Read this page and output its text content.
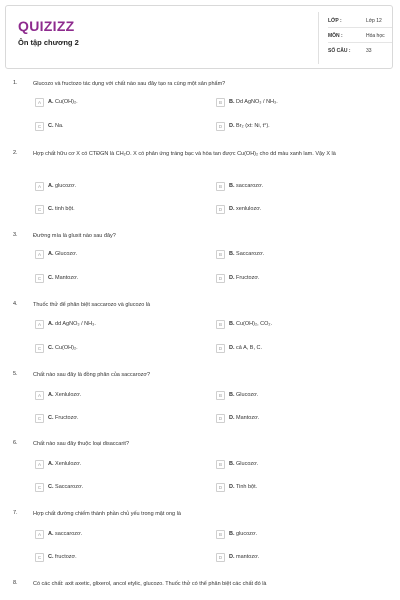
QUIZIZZ
Ôn tập chương 2
LỚP :	Lớp 12
MÔN :	Hóa học
SỐ CÂU :	33
1.	Glucozo và fructozo tác dụng với chất nào sau đây tạo ra cùng một sản phẩm?
A	A. Cu(OH)₂.	B	B. Dd AgNO₃ / NH₃.
C	C. Na.	D	D. Br₂ (xt: Ni, t°).
2.	Hợp chất hữu cơ X có CTĐGN là CH₂O. X có phản ứng tráng bạc và hòa tan được Cu(OH)₂ cho dd màu xanh lam. Vậy X là
A	A. glucozơ.	B	B. saccarozơ.
C	C. tinh bột.	D	D. xenlulozơ.
3.	Đường mía là gluxit nào sau đây?
A	A. Glucozơ.	B	B. Saccarozơ.
C	C. Mantozơ.	D	D. Fructozơ.
4.	Thuốc thử để phân biệt saccarozo và glucozo là
A	A. dd AgNO₃ / NH₃.	B	B. Cu(OH)₂, CO₂.
C	C. Cu(OH)₂.	D	D. cả A, B, C.
5.	Chất nào sau đây là đồng phân của saccarozơ?
A	A. Xenlulozơ.	B	B. Glucozơ.
C	C. Fructozơ.	D	D. Mantozơ.
6.	Chất nào sau đây thuộc loại disaccarit?
A	A. Xenlulozơ.	B	B. Glucozơ.
C	C. Saccarozơ.	D	D. Tinh bột.
7.	Hợp chất đường chiếm thành phần chủ yếu trong mật ong là
A	A. saccarozơ.	B	B. glucozơ.
C	C. fructozơ.	D	D. mantozơ.
8.	Có các chất: axit axetic, glixerol, ancol etylic, glucozo. Thuốc thử có thể phân biệt các chất đó là
